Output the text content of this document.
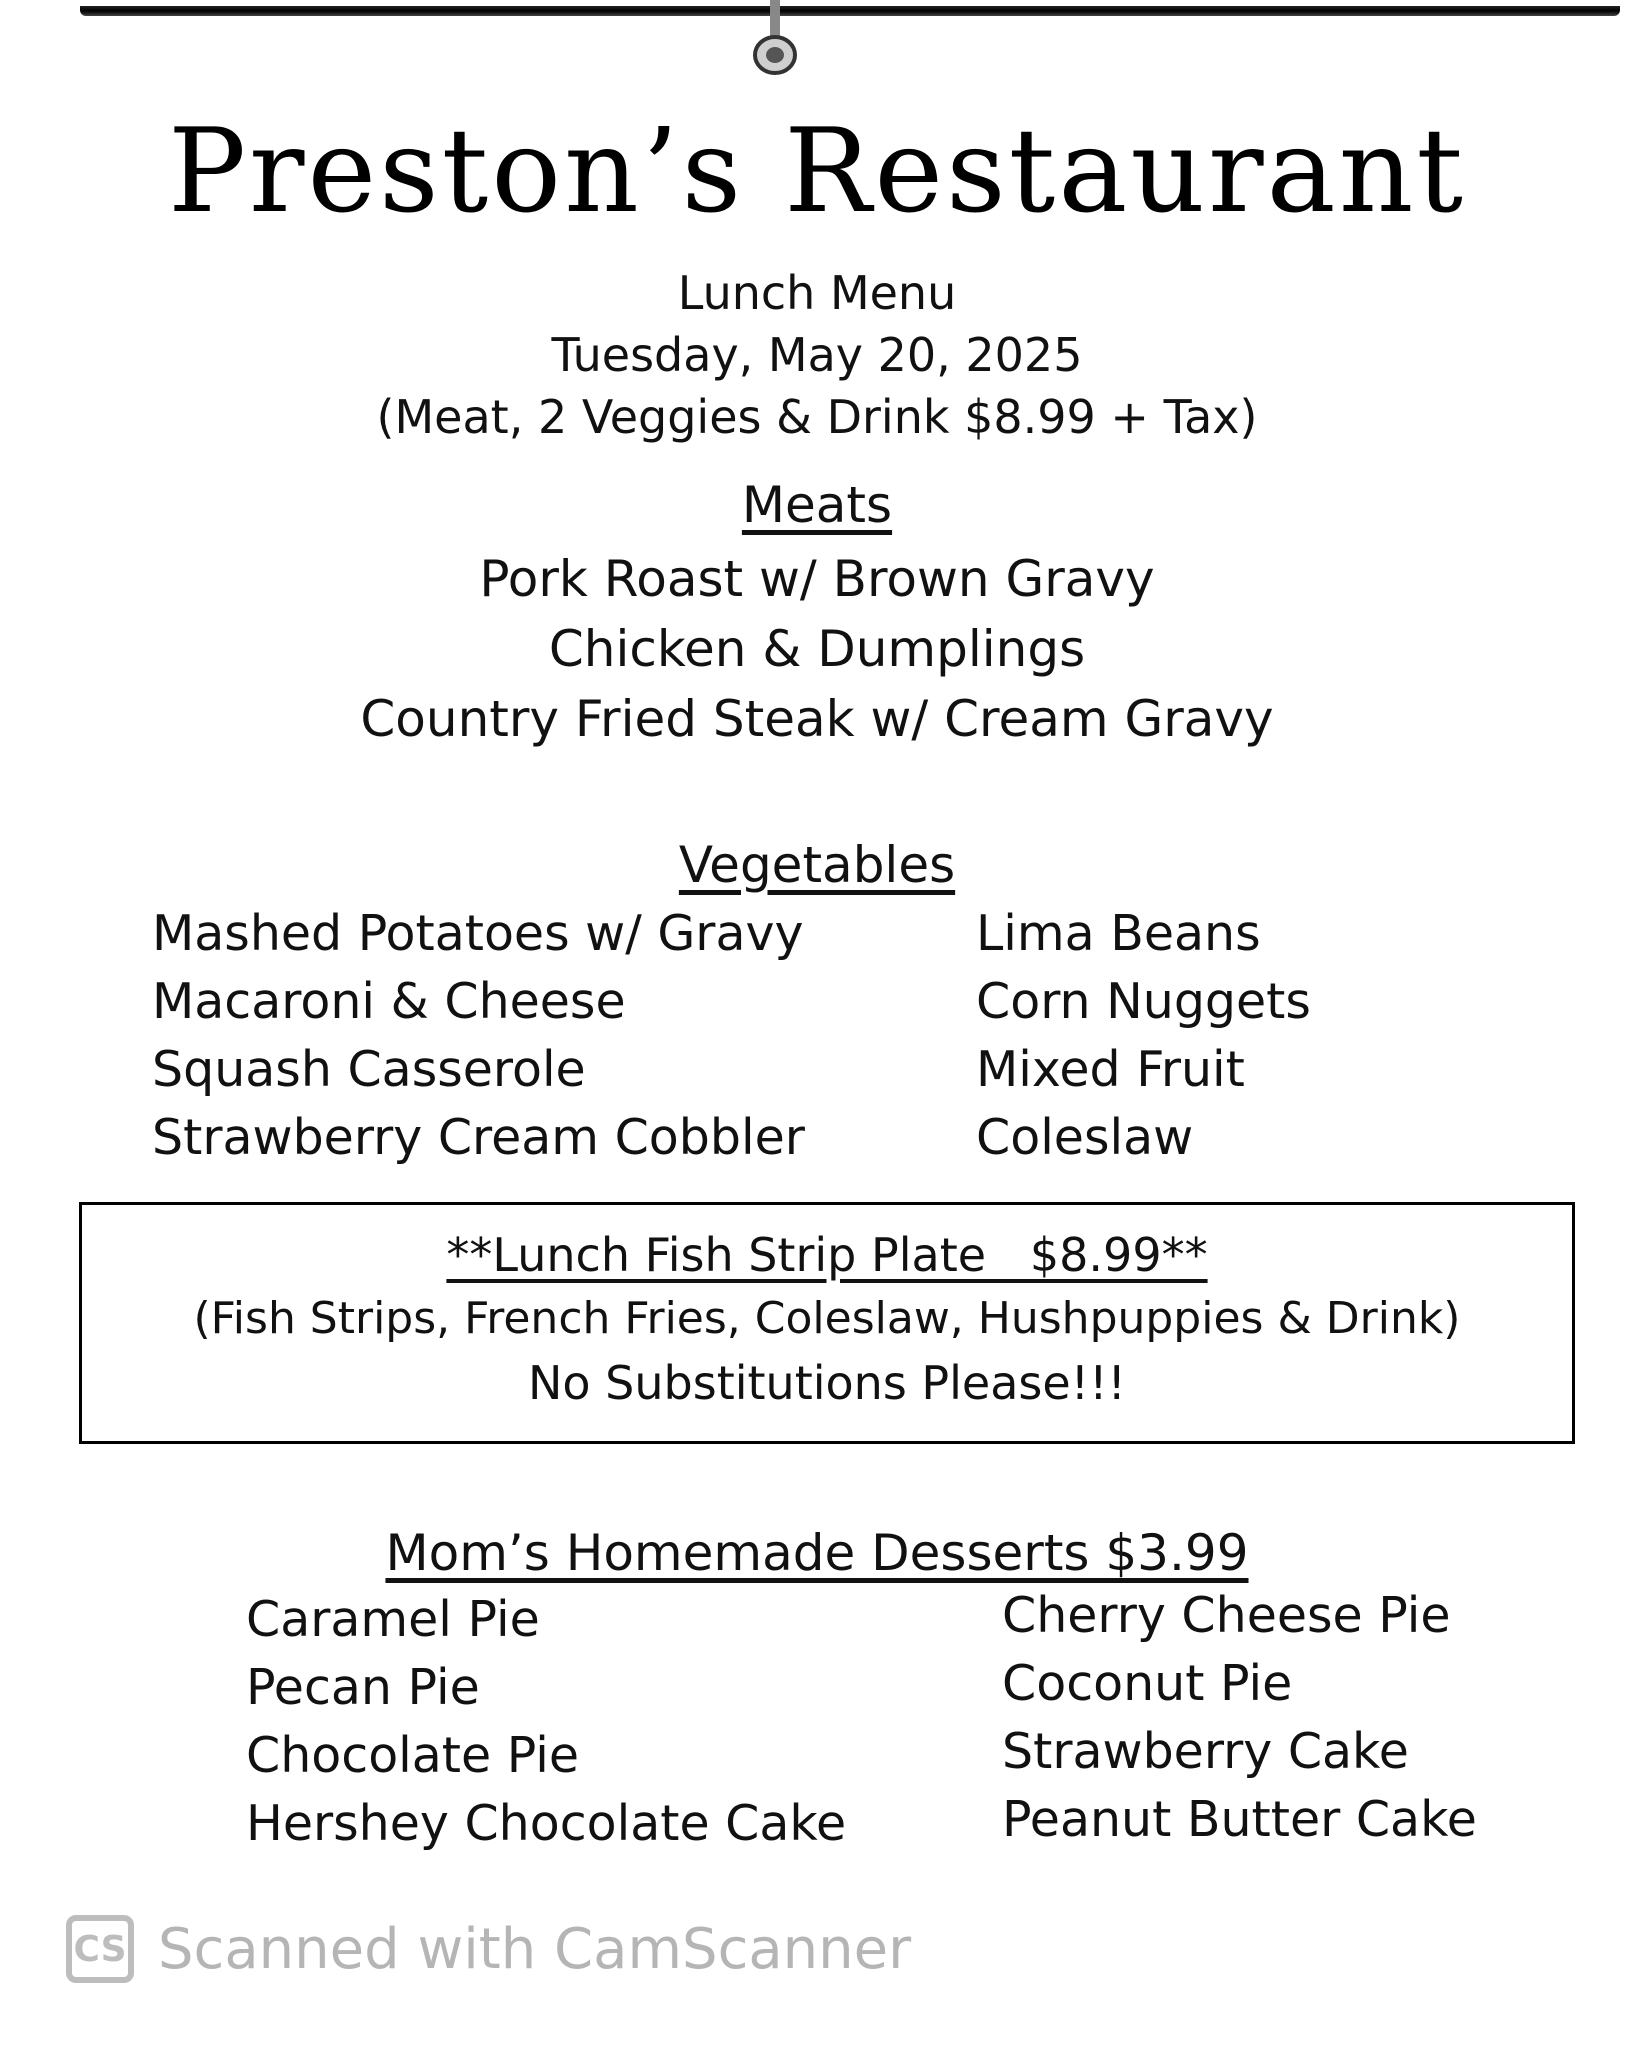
Preston’s Restaurant
Lunch Menu
Tuesday, May 20, 2025
(Meat, 2 Veggies & Drink $8.99 + Tax)
Meats
Pork Roast w/ Brown Gravy
Chicken & Dumplings
Country Fried Steak w/ Cream Gravy
Vegetables
Mashed Potatoes w/ Gravy
Macaroni & Cheese
Squash Casserole
Strawberry Cream Cobbler
Lima Beans
Corn Nuggets
Mixed Fruit
Coleslaw
**Lunch Fish Strip Plate   $8.99**
(Fish Strips, French Fries, Coleslaw, Hushpuppies & Drink)
No Substitutions Please!!!
Mom’s Homemade Desserts $3.99
Caramel Pie
Pecan Pie
Chocolate Pie
Hershey Chocolate Cake
Cherry Cheese Pie
Coconut Pie
Strawberry Cake
Peanut Butter Cake
CS Scanned with CamScanner
